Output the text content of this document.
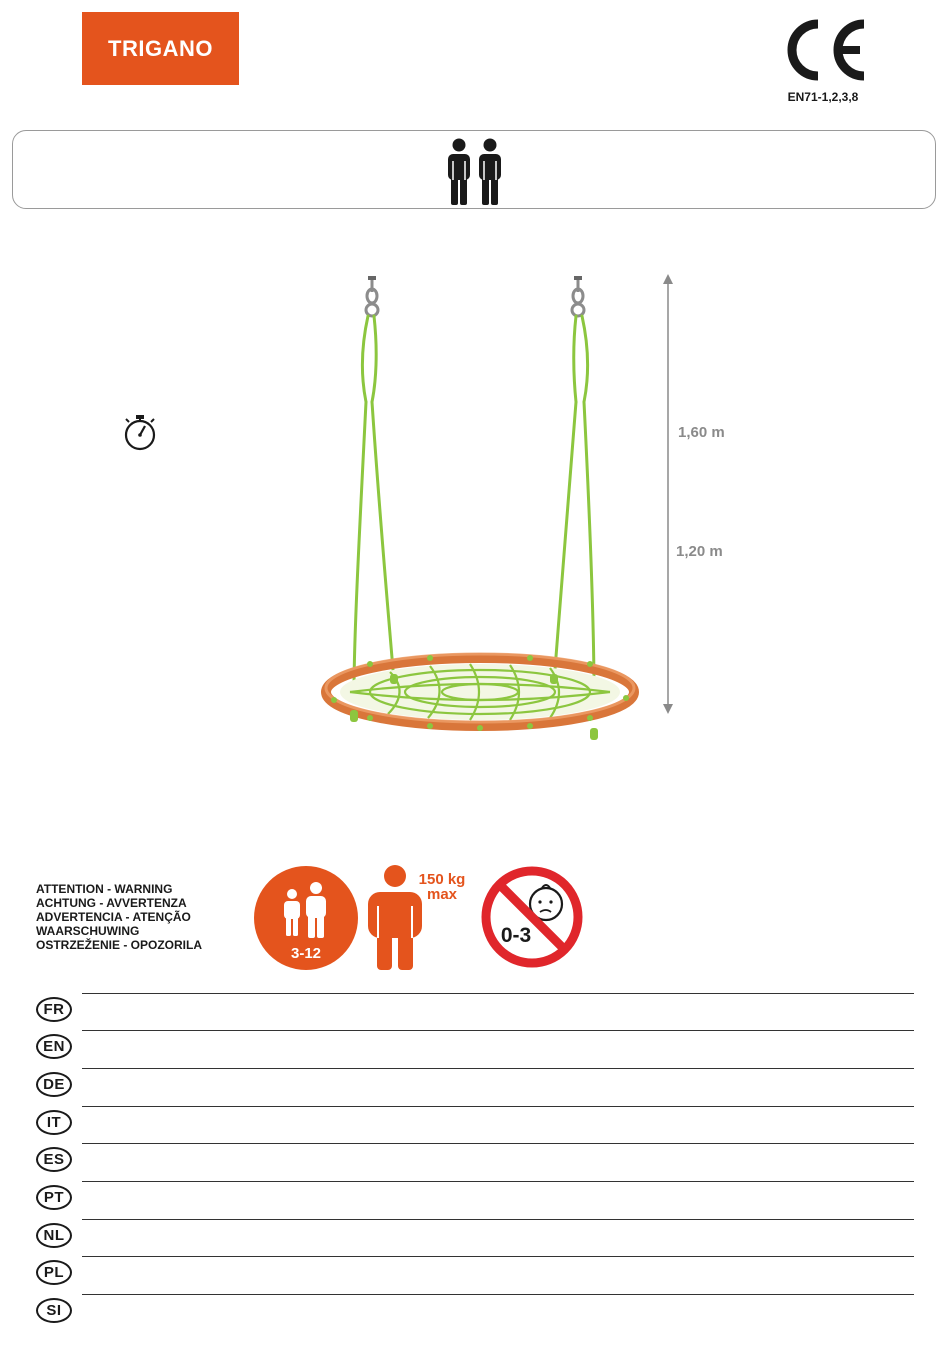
TRIGANO
EN71-1,2,3,8
1,60 m
1,20 m
ATTENTION - WARNING
ACHTUNG - AVVERTENZA
ADVERTENCIA - ATENÇÃO
WAARSCHUWING
OSTRZEŽENIE - OPOZORILA	3-12
150 kg
max
0-3
FR
EN
DE
IT
ES
PT
NL
PL
SI
